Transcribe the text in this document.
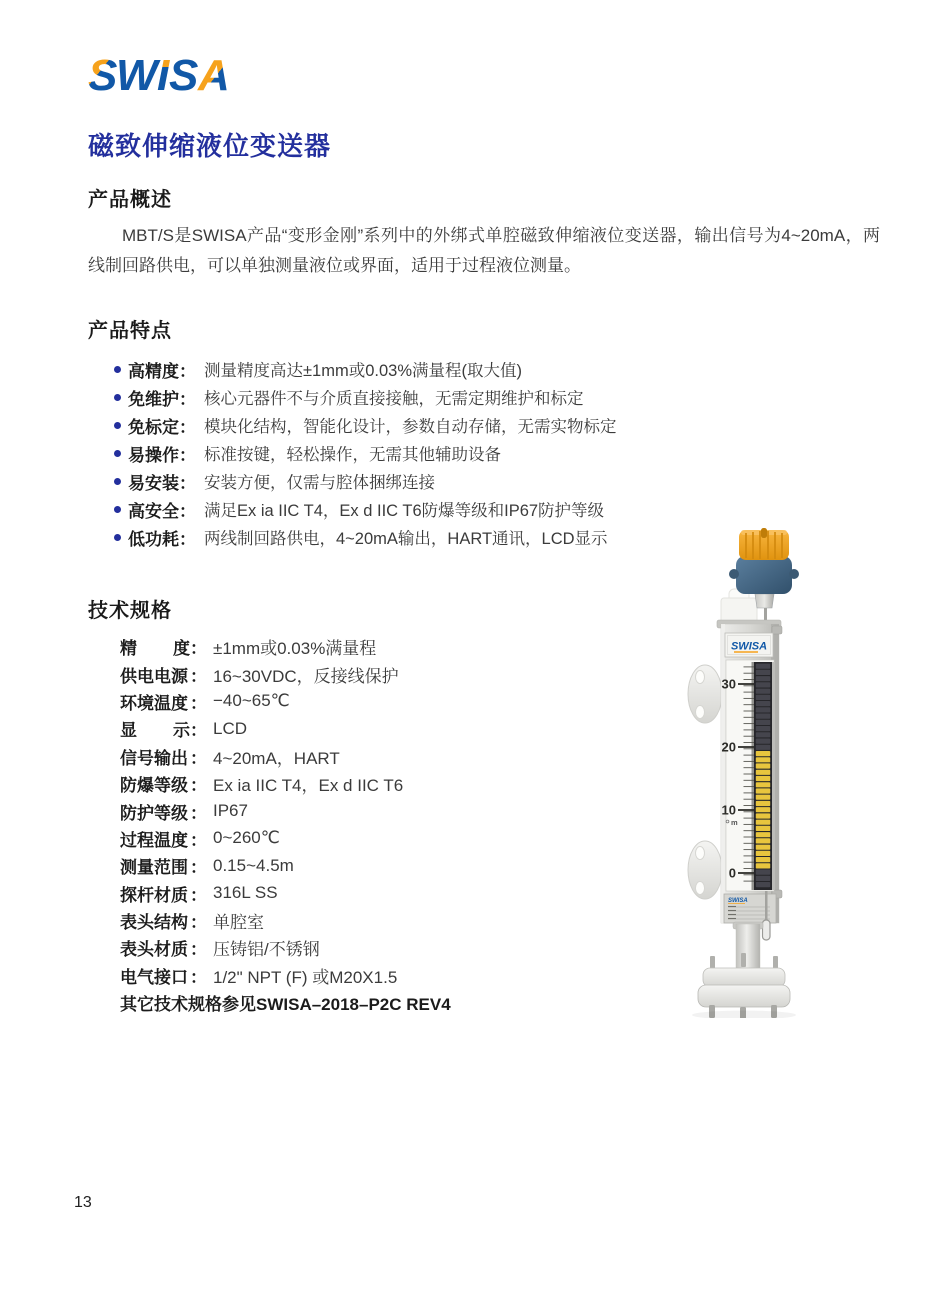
S
W I S A
磁致伸缩液位变送器
产品概述

MBT/S是SWISA产品“变形金刚”系列中的外绑式单腔磁致伸缩液位变送器，输出信号为4~20mA，两线制回路供电，可以单独测量液位或界面，适用于过程液位测量。

产品特点
高精度： 测量精度高达±1mm或0.03%满量程(取大值)
免维护： 核心元器件不与介质直接接触，无需定期维护和标定
免标定： 模块化结构，智能化设计，参数自动存储，无需实物标定
易操作： 标准按键，轻松操作，无需其他辅助设备
易安装： 安装方便，仅需与腔体捆绑连接
高安全： 满足Ex ia IIC T4，Ex d IIC T6防爆等级和IP67防护等级
低功耗： 两线制回路供电，4~20mA输出，HART通讯，LCD显示
技术规格
精度 ： ±1mm或0.03%满量程
供电电源 ： 16~30VDC，反接线保护
环境温度 ： −40~65℃
显示 ： LCD
信号输出 ： 4~20mA，HART
防爆等级 ： Ex ia IIC T4，Ex d IIC T6
防护等级 ： IP67
过程温度 ： 0~260℃
测量范围 ： 0.15~4.5m
探杆材质 ： 316L SS
表头结构 ： 单腔室
表头材质 ： 压铸铝/不锈钢
电气接口 ： 1/2" NPT (F) 或M20X1.5
其它技术规格参见SWISA–2018–P2C REV4
SWISA
30
20
10
0
m
SWISA
13
